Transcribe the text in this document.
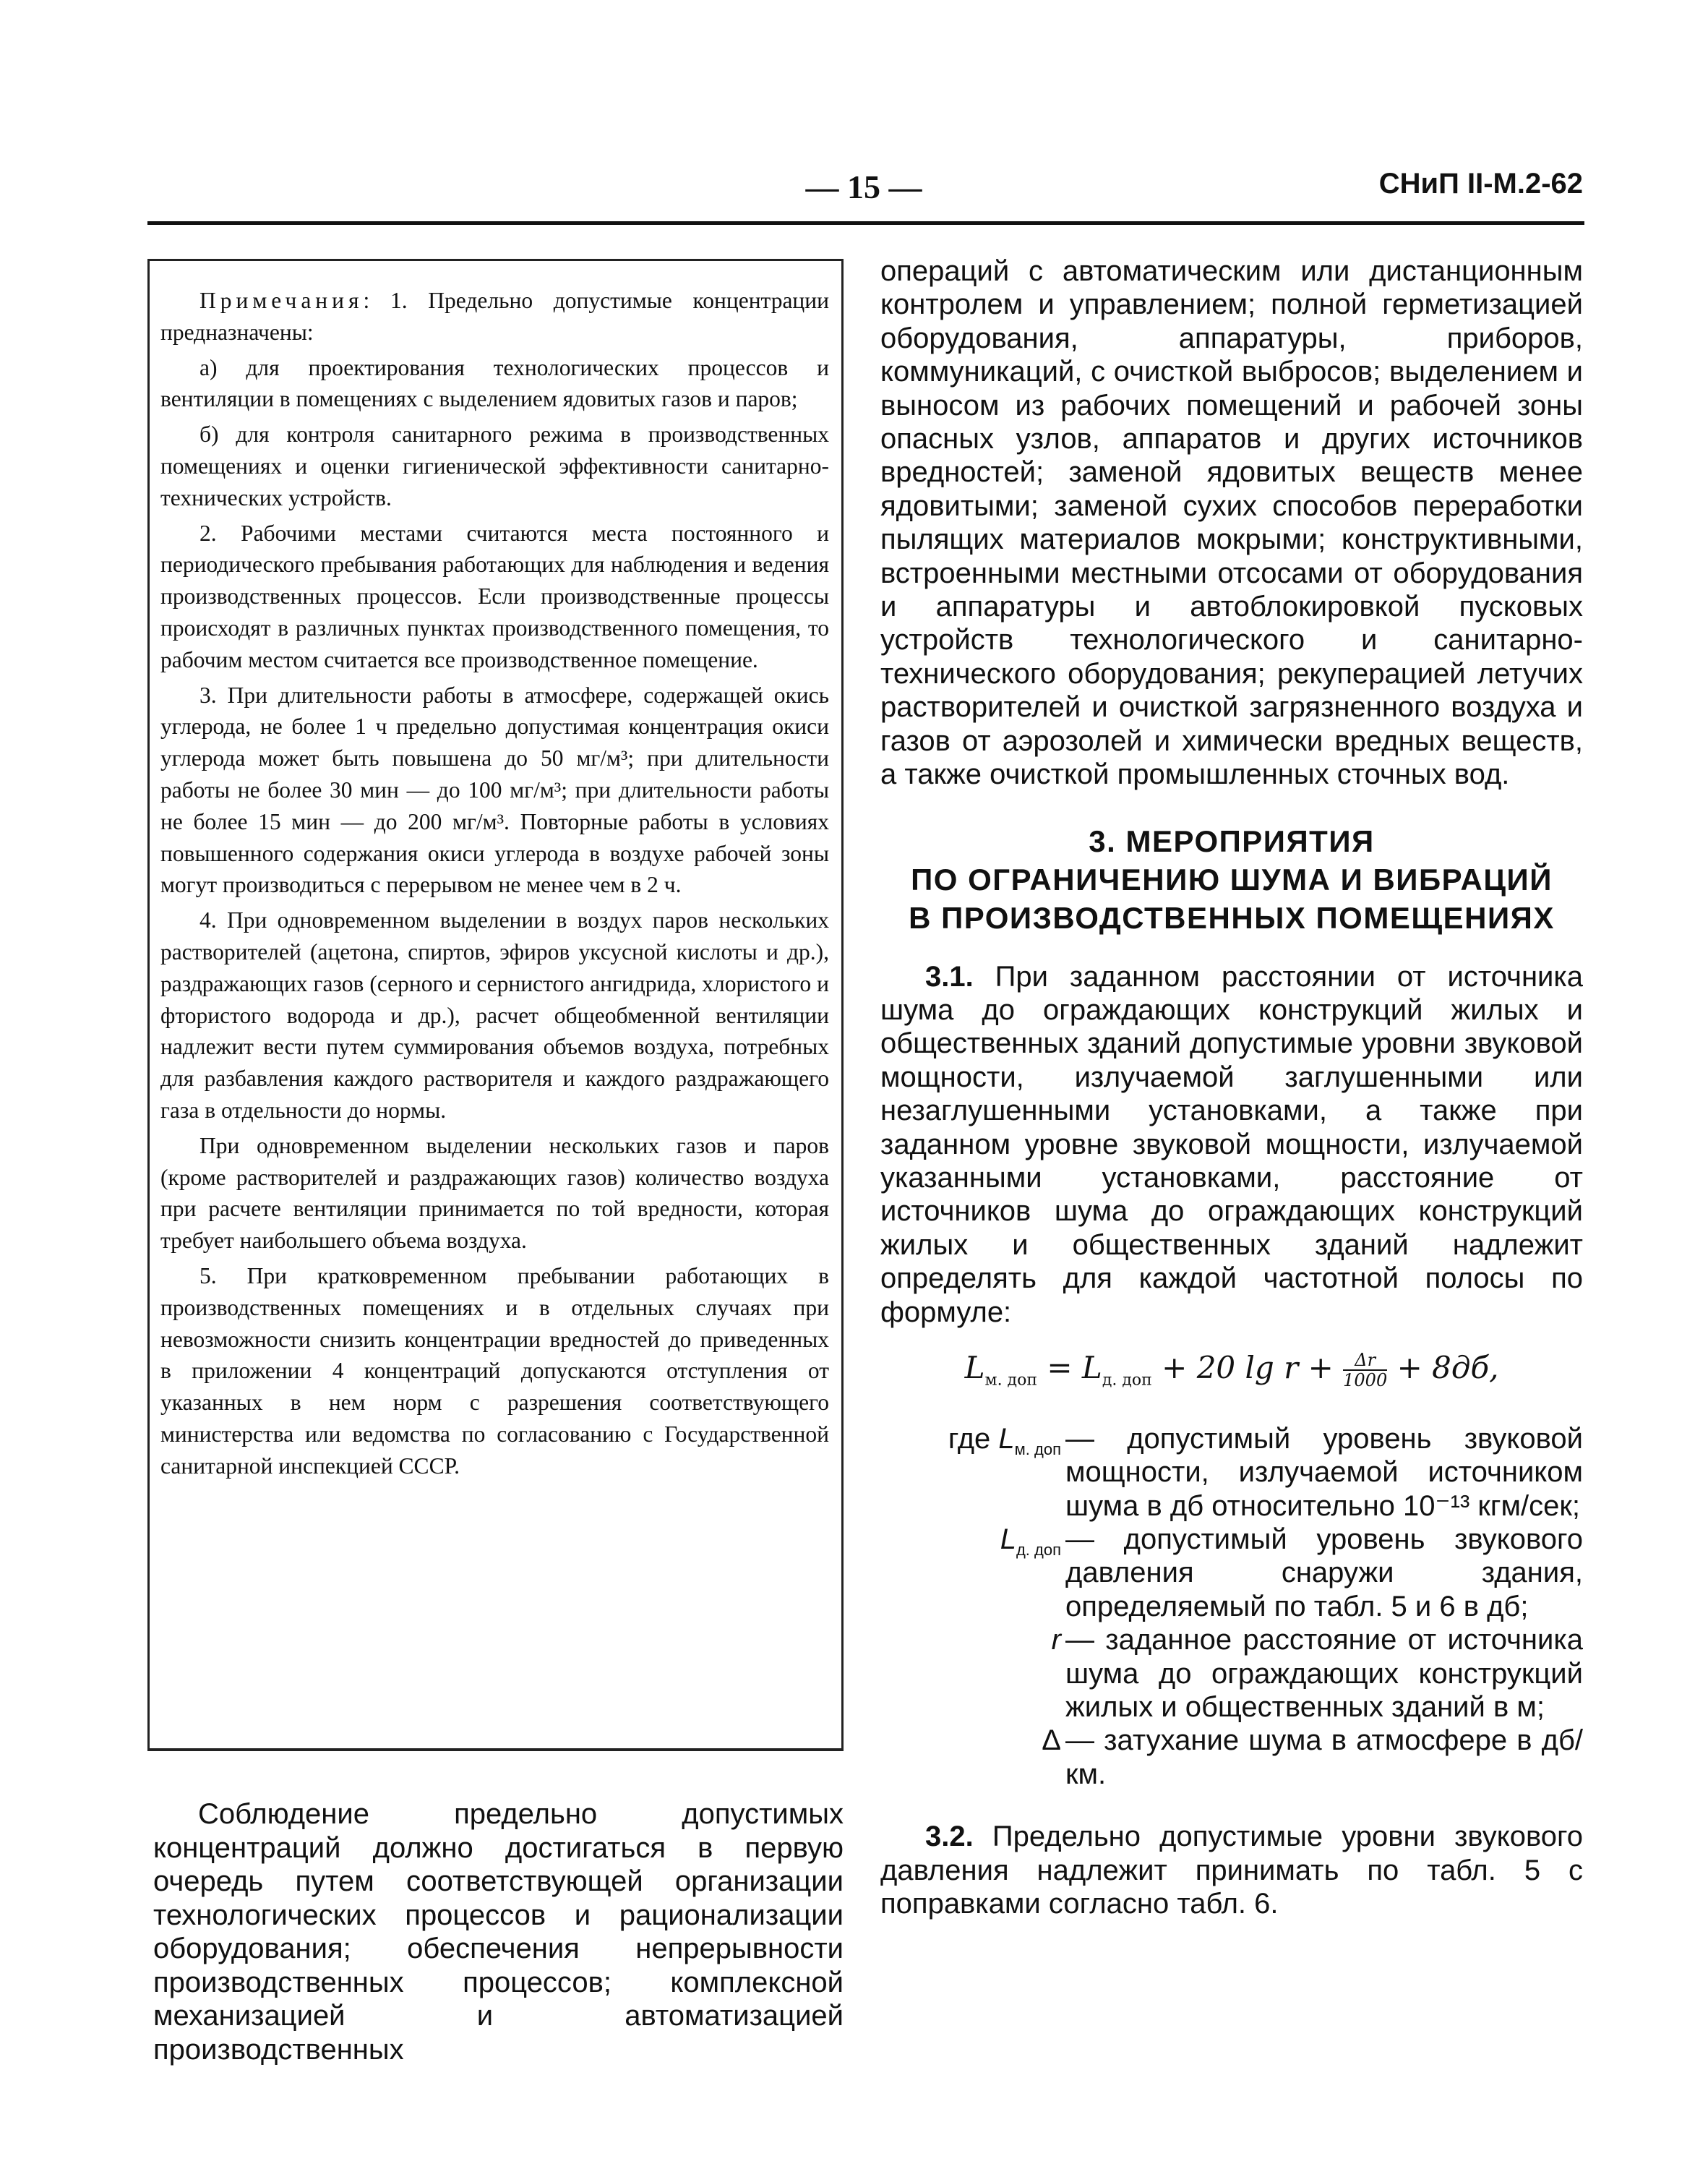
— 15 —	СНиП II-М.2-62

Примечания: 1. Предельно допустимые концентрации предназначены:

а) для проектирования технологических процессов и вентиляции в помещениях с выделением ядовитых газов и паров;

б) для контроля санитарного режима в производственных помещениях и оценки гигиенической эффективности санитарно-технических устройств.

2. Рабочими местами считаются места постоянного и периодического пребывания работающих для наблюдения и ведения производственных процессов. Если производственные процессы происходят в различных пунктах производственного помещения, то рабочим местом считается все производственное помещение.

3. При длительности работы в атмосфере, содержащей окись углерода, не более 1 ч предельно допустимая концентрация окиси углерода может быть повышена до 50 мг/м³; при длительности работы не более 30 мин — до 100 мг/м³; при длительности работы не более 15 мин — до 200 мг/м³. Повторные работы в условиях повышенного содержания окиси углерода в воздухе рабочей зоны могут производиться с перерывом не менее чем в 2 ч.

4. При одновременном выделении в воздух паров нескольких растворителей (ацетона, спиртов, эфиров уксусной кислоты и др.), раздражающих газов (серного и сернистого ангидрида, хлористого и фтористого водорода и др.), расчет общеобменной вентиляции надлежит вести путем суммирования объемов воздуха, потребных для разбавления каждого растворителя и каждого раздражающего газа в отдельности до нормы.

При одновременном выделении нескольких газов и паров (кроме растворителей и раздражающих газов) количество воздуха при расчете вентиляции принимается по той вредности, которая требует наибольшего объема воздуха.

5. При кратковременном пребывании работающих в производственных помещениях и в отдельных случаях при невозможности снизить концентрации вредностей до приведенных в приложении 4 концентраций допускаются отступления от указанных в нем норм с разрешения соответствующего министерства или ведомства по согласованию с Государственной санитарной инспекцией СССР.

Соблюдение предельно допустимых концентраций должно достигаться в первую очередь путем соответствующей организации технологических процессов и рационализации оборудования; обеспечения непрерывности производственных процессов; комплексной механизацией и автоматизацией производственных

операций с автоматическим или дистанционным контролем и управлением; полной герметизацией оборудования, аппаратуры, приборов, коммуникаций, с очисткой выбросов; выделением и выносом из рабочих помещений и рабочей зоны опасных узлов, аппаратов и других источников вредностей; заменой ядовитых веществ менее ядовитыми; заменой сухих способов переработки пылящих материалов мокрыми; конструктивными, встроенными местными отсосами от оборудования и аппаратуры и автоблокировкой пусковых устройств технологического и санитарно-технического оборудования; рекуперацией летучих растворителей и очисткой загрязненного воздуха и газов от аэрозолей и химически вредных веществ, а также очисткой промышленных сточных вод.

3. МЕРОПРИЯТИЯ
ПО ОГРАНИЧЕНИЮ ШУМА И ВИБРАЦИЙ
В ПРОИЗВОДСТВЕННЫХ ПОМЕЩЕНИЯХ

3.1. При заданном расстоянии от источника шума до ограждающих конструкций жилых и общественных зданий допустимые уровни звуковой мощности, излучаемой заглушенными или незаглушенными установками, а также при заданном уровне звуковой мощности, излучаемой указанными установками, расстояние от источников шума до ограждающих конструкций жилых и общественных зданий надлежит определять для каждой частотной полосы по формуле:

$L_{м. доп} = L_{д. доп} + 20$ $\lg r + \frac{\Delta r}{1000} + 8дб$,

где $L_{м. доп}$ — допустимый уровень звуковой мощности, излучаемой источником шума в дб относительно 10⁻¹³ кгм/сек;
$L_{д. доп}$ — допустимый уровень звукового давления снаружи здания, определяемый по табл. 5 и 6 в дб;
r — заданное расстояние от источника шума до ограждающих конструкций жилых и общественных зданий в м;
Δ — затухание шума в атмосфере в дб/км.

3.2. Предельно допустимые уровни звукового давления надлежит принимать по табл. 5 с поправками согласно табл. 6.
